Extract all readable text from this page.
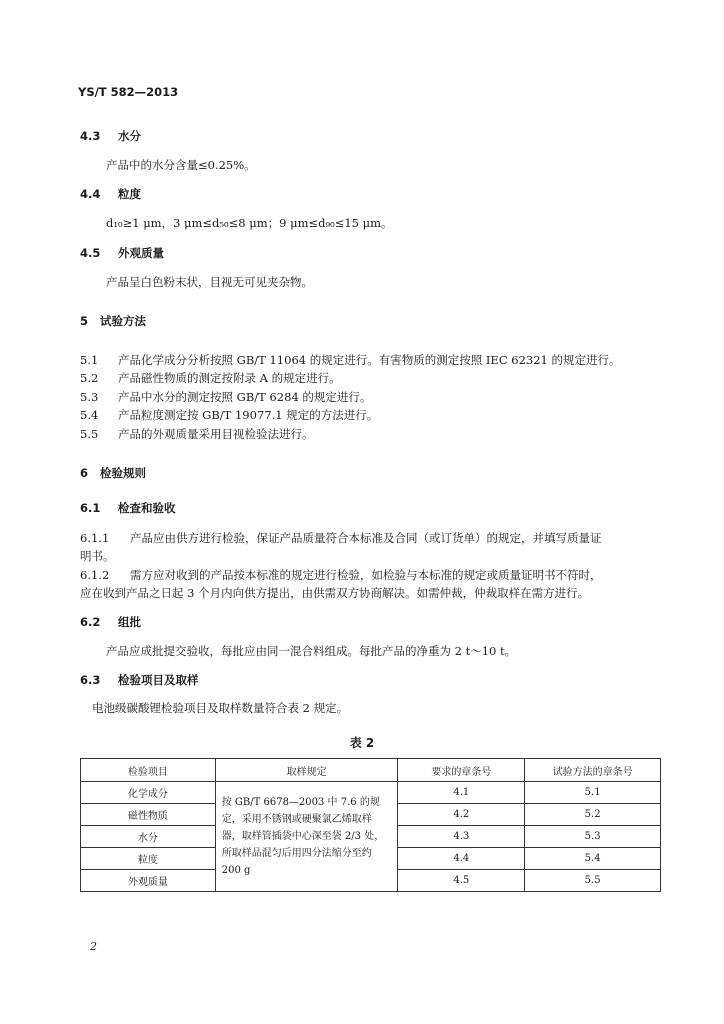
YS/T 582—2013
4.3 水分
产品中的水分含量≤0.25%。
4.4 粒度
d₁₀≥1 μm，3 μm≤d₅₀≤8 μm；9 μm≤d₉₀≤15 μm。
4.5 外观质量
产品呈白色粉末状，目视无可见夹杂物。
5 试验方法
5.1 产品化学成分分析按照 GB/T 11064 的规定进行。有害物质的测定按照 IEC 62321 的规定进行。
5.2 产品磁性物质的测定按附录 A 的规定进行。
5.3 产品中水分的测定按照 GB/T 6284 的规定进行。
5.4 产品粒度测定按 GB/T 19077.1 规定的方法进行。
5.5 产品的外观质量采用目视检验法进行。
6 检验规则
6.1 检查和验收
6.1.1 产品应由供方进行检验，保证产品质量符合本标准及合同（或订货单）的规定，并填写质量证
明书。
6.1.2 需方应对收到的产品按本标准的规定进行检验，如检验与本标准的规定或质量证明书不符时，
应在收到产品之日起 3 个月内向供方提出，由供需双方协商解决。如需仲裁，仲裁取样在需方进行。
6.2 组批
产品应成批提交验收，每批应由同一混合料组成。每批产品的净重为 2 t～10 t。
6.3 检验项目及取样
电池级碳酸锂检验项目及取样数量符合表 2 规定。
表 2
检验项目	取样规定	要求的章条号	试验方法的章条号
化学成分	按 GB/T 6678—2003 中 7.6 的规定，采用不锈钢或硬聚氯乙烯取样器，取样管插袋中心深至袋 2/3 处，所取样品混匀后用四分法缩分至约 200 g	4.1	5.1
磁性物质		4.2	5.2
水分		4.3	5.3
粒度		4.4	5.4
外观质量		4.5	5.5
2
